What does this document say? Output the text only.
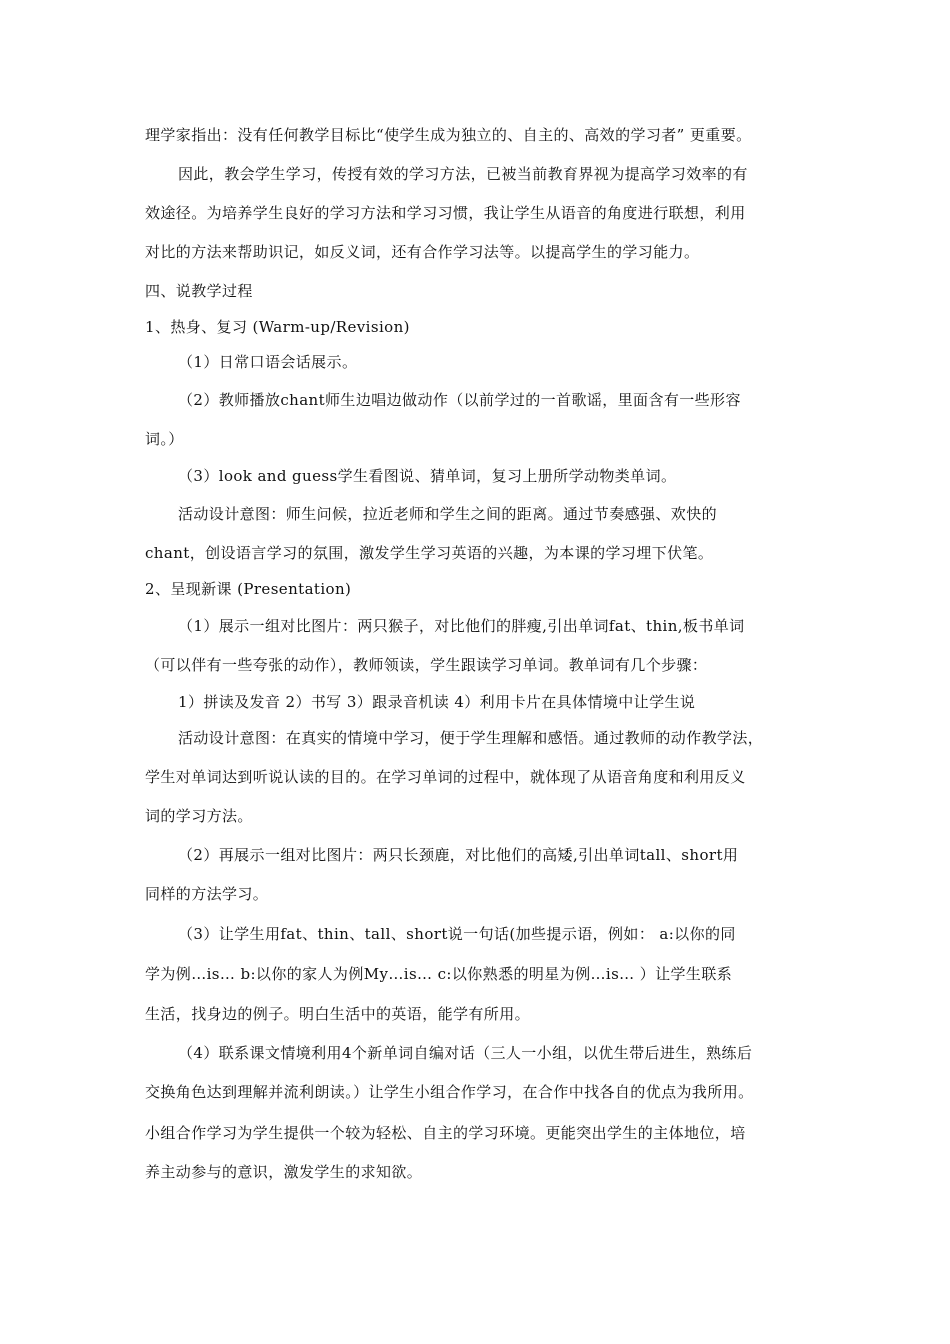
理学家指出：没有任何教学目标比“使学生成为独立的、自主的、高效的学习者” 更重要。
因此，教会学生学习，传授有效的学习方法，已被当前教育界视为提高学习效率的有
效途径。为培养学生良好的学习方法和学习习惯，我让学生从语音的角度进行联想，利用
对比的方法来帮助识记，如反义词，还有合作学习法等。以提高学生的学习能力。
四、说教学过程
1、热身、复习 (Warm-up/Revision)
（1）日常口语会话展示。
（2）教师播放chant师生边唱边做动作（以前学过的一首歌谣，里面含有一些形容
词。）
（3）look and guess学生看图说、猜单词，复习上册所学动物类单词。
活动设计意图：师生问候，拉近老师和学生之间的距离。通过节奏感强、欢快的
chant，创设语言学习的氛围，激发学生学习英语的兴趣，为本课的学习埋下伏笔。
2、呈现新课 (Presentation)
（1）展示一组对比图片：两只猴子，对比他们的胖瘦,引出单词fat、thin,板书单词
（可以伴有一些夸张的动作），教师领读，学生跟读学习单词。教单词有几个步骤：
1）拼读及发音 2）书写 3）跟录音机读 4）利用卡片在具体情境中让学生说
活动设计意图：在真实的情境中学习，便于学生理解和感悟。通过教师的动作教学法，
学生对单词达到听说认读的目的。在学习单词的过程中，就体现了从语音角度和利用反义
词的学习方法。
（2）再展示一组对比图片：两只长颈鹿，对比他们的高矮,引出单词tall、short用
同样的方法学习。
（3）让学生用fat、thin、tall、short说一句话(加些提示语，例如： a:以你的同
学为例…is… b:以你的家人为例My…is… c:以你熟悉的明星为例…is… ）让学生联系
生活，找身边的例子。明白生活中的英语，能学有所用。
（4）联系课文情境利用4个新单词自编对话（三人一小组，以优生带后进生，熟练后
交换角色达到理解并流利朗读。）让学生小组合作学习，在合作中找各自的优点为我所用。
小组合作学习为学生提供一个较为轻松、自主的学习环境。更能突出学生的主体地位，培
养主动参与的意识，激发学生的求知欲。
